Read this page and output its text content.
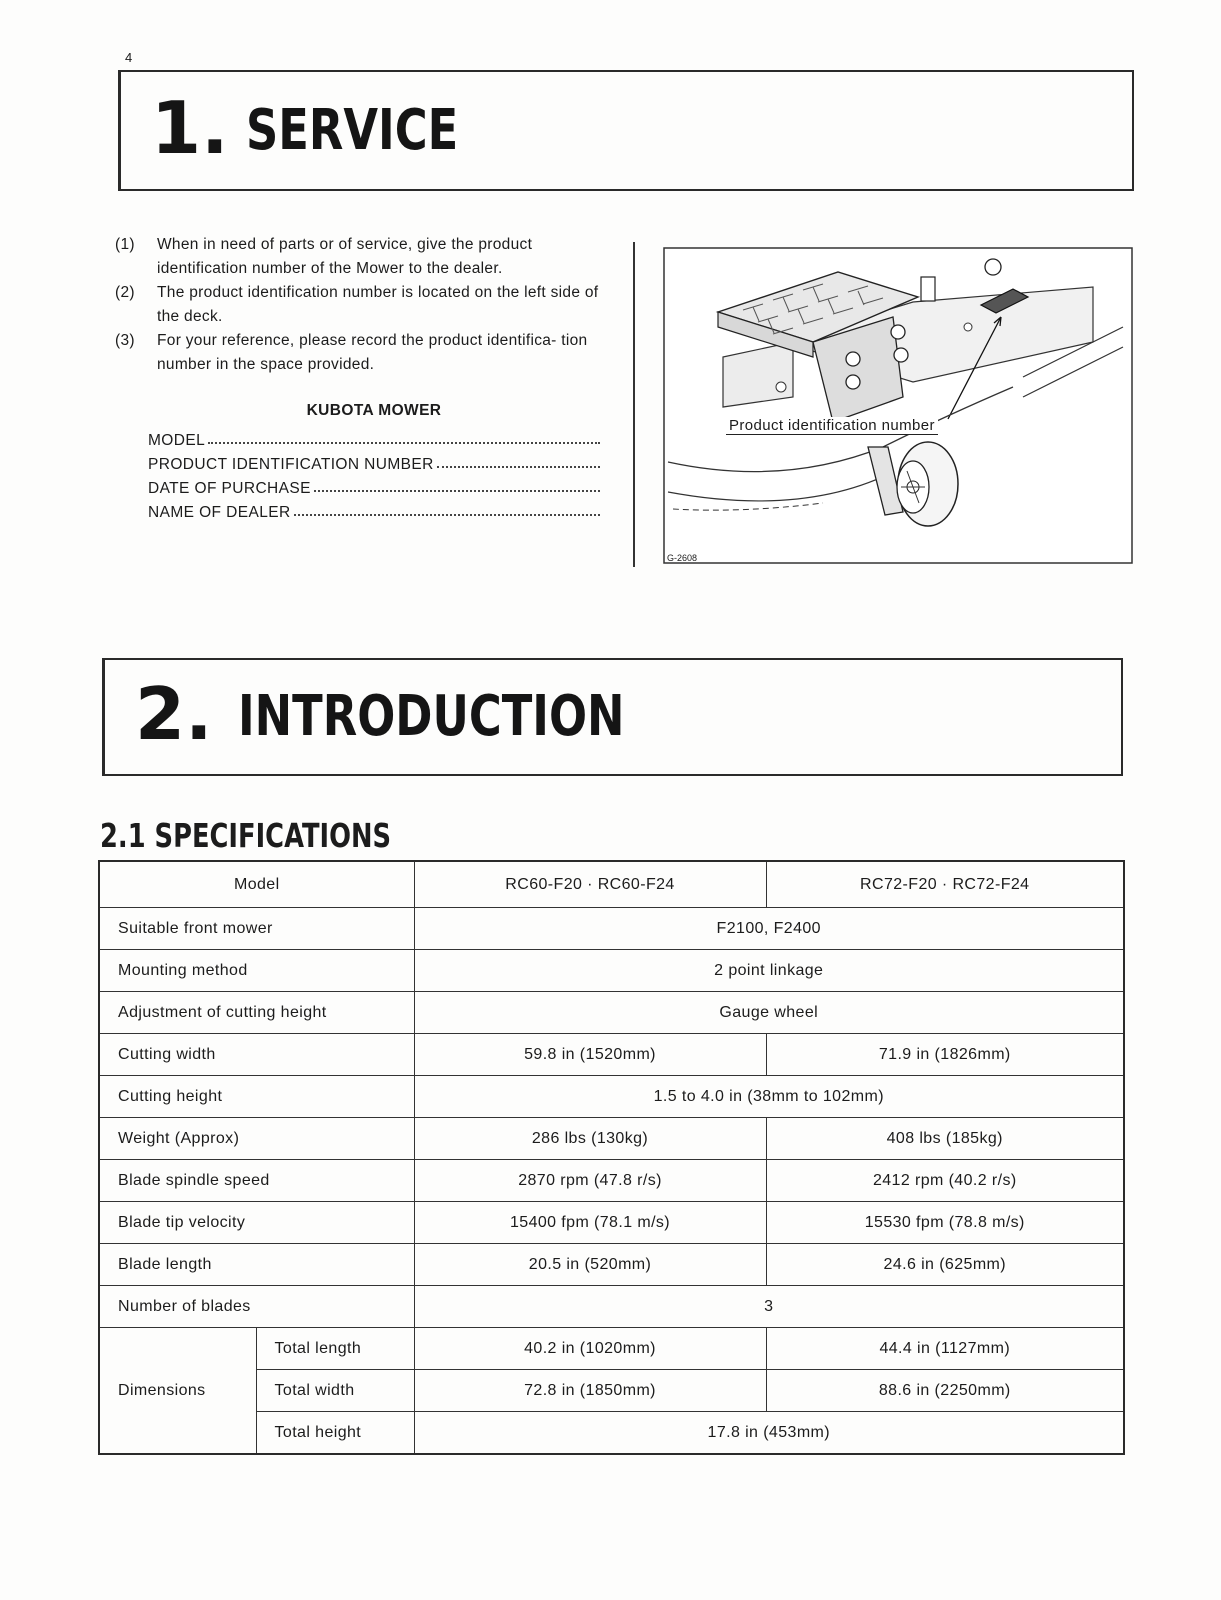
4
1. SERVICE
(1) When in need of parts or of service, give the product identification number of the Mower to the dealer.
(2) The product identification number is located on the left side of the deck.
(3) For your reference, please record the product identifica- tion number in the space provided.
KUBOTA MOWER
MODEL
PRODUCT IDENTIFICATION NUMBER
DATE OF PURCHASE
NAME OF DEALER
Product identification number
G-2608
2. INTRODUCTION
2.1 SPECIFICATIONS
Model		RC60-F20 · RC60-F24	RC72-F20 · RC72-F24
Suitable front mower		F2100, F2400	
Mounting method		2 point linkage	
Adjustment of cutting height		Gauge wheel	
Cutting width		59.8 in (1520mm)	71.9 in (1826mm)
Cutting height		1.5 to 4.0 in (38mm to 102mm)	
Weight (Approx)		286 lbs (130kg)	408 lbs (185kg)
Blade spindle speed		2870 rpm (47.8 r/s)	2412 rpm (40.2 r/s)
Blade tip velocity		15400 fpm (78.1 m/s)	15530 fpm (78.8 m/s)
Blade length		20.5 in (520mm)	24.6 in (625mm)
Number of blades		3	
Dimensions	Total length	40.2 in (1020mm)	44.4 in (1127mm)
	Total width	72.8 in (1850mm)	88.6 in (2250mm)
	Total height	17.8 in (453mm)	
